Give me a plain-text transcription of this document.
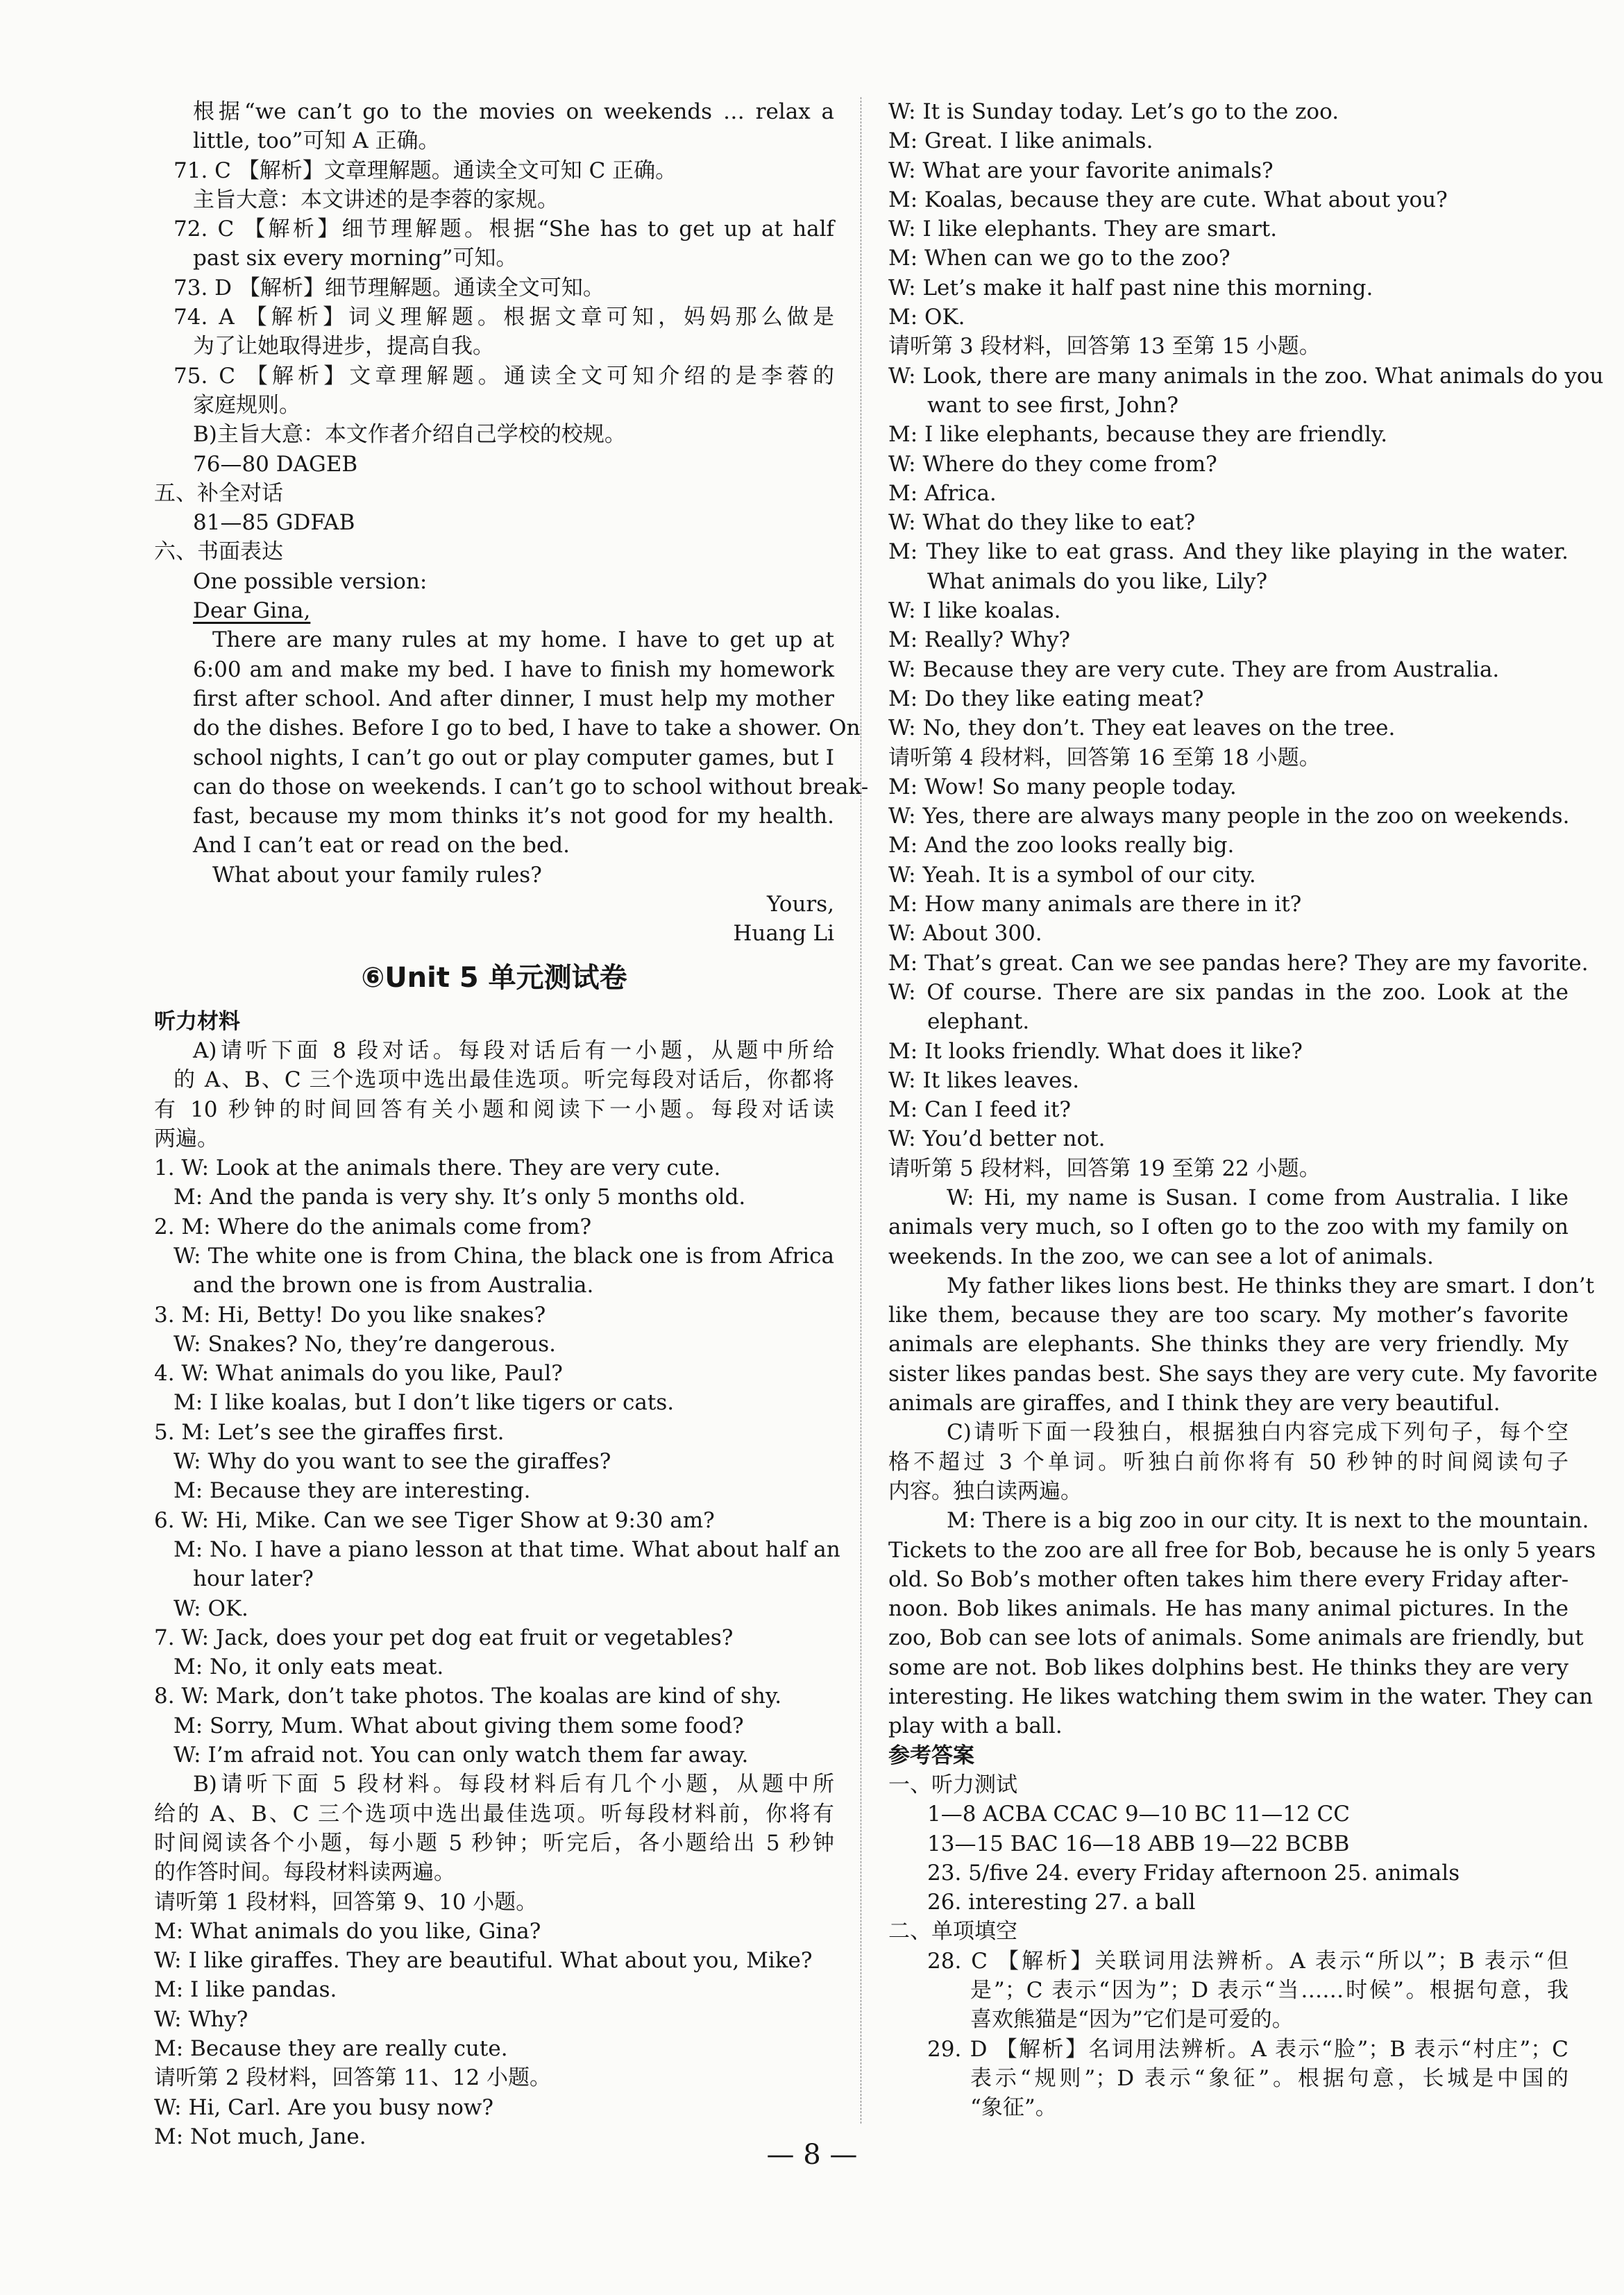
根据“we can’t go to the movies on weekends … relax a
little, too”可知 A 正确。
71. C 【解析】文章理解题。通读全文可知 C 正确。
主旨大意：本文讲述的是李蓉的家规。
72. C 【解析】细节理解题。根据“She has to get up at half
past six every morning”可知。
73. D 【解析】细节理解题。通读全文可知。
74. A 【解析】词义理解题。根据文章可知，妈妈那么做是
为了让她取得进步，提高自我。
75. C 【解析】文章理解题。通读全文可知介绍的是李蓉的
家庭规则。
B)主旨大意：本文作者介绍自己学校的校规。
76—80 DAGEB
五、补全对话
81—85 GDFAB
六、书面表达
One possible version:
Dear Gina,
There are many rules at my home. I have to get up at
6:00 am and make my bed. I have to finish my homework
first after school. And after dinner, I must help my mother
do the dishes. Before I go to bed, I have to take a shower. On
school nights, I can’t go out or play computer games, but I
can do those on weekends. I can’t go to school without break-
fast, because my mom thinks it’s not good for my health.
And I can’t eat or read on the bed.
What about your family rules?
Yours,
Huang Li
⑥Unit 5 单元测试卷
听力材料
A)请听下面 8 段对话。每段对话后有一小题，从题中所给
的 A、B、C 三个选项中选出最佳选项。听完每段对话后，你都将
有 10 秒钟的时间回答有关小题和阅读下一小题。每段对话读
两遍。
1. W: Look at the animals there. They are very cute.
M: And the panda is very shy. It’s only 5 months old.
2. M: Where do the animals come from?
W: The white one is from China, the black one is from Africa
and the brown one is from Australia.
3. M: Hi, Betty! Do you like snakes?
W: Snakes? No, they’re dangerous.
4. W: What animals do you like, Paul?
M: I like koalas, but I don’t like tigers or cats.
5. M: Let’s see the giraffes first.
W: Why do you want to see the giraffes?
M: Because they are interesting.
6. W: Hi, Mike. Can we see Tiger Show at 9:30 am?
M: No. I have a piano lesson at that time. What about half an
hour later?
W: OK.
7. W: Jack, does your pet dog eat fruit or vegetables?
M: No, it only eats meat.
8. W: Mark, don’t take photos. The koalas are kind of shy.
M: Sorry, Mum. What about giving them some food?
W: I’m afraid not. You can only watch them far away.
B)请听下面 5 段材料。每段材料后有几个小题，从题中所
给的 A、B、C 三个选项中选出最佳选项。听每段材料前，你将有
时间阅读各个小题，每小题 5 秒钟；听完后，各小题给出 5 秒钟
的作答时间。每段材料读两遍。
请听第 1 段材料，回答第 9、10 小题。
M: What animals do you like, Gina?
W: I like giraffes. They are beautiful. What about you, Mike?
M: I like pandas.
W: Why?
M: Because they are really cute.
请听第 2 段材料，回答第 11、12 小题。
W: Hi, Carl. Are you busy now?
M: Not much, Jane.
W: It is Sunday today. Let’s go to the zoo.
M: Great. I like animals.
W: What are your favorite animals?
M: Koalas, because they are cute. What about you?
W: I like elephants. They are smart.
M: When can we go to the zoo?
W: Let’s make it half past nine this morning.
M: OK.
请听第 3 段材料，回答第 13 至第 15 小题。
W: Look, there are many animals in the zoo. What animals do you
want to see first, John?
M: I like elephants, because they are friendly.
W: Where do they come from?
M: Africa.
W: What do they like to eat?
M: They like to eat grass. And they like playing in the water.
What animals do you like, Lily?
W: I like koalas.
M: Really? Why?
W: Because they are very cute. They are from Australia.
M: Do they like eating meat?
W: No, they don’t. They eat leaves on the tree.
请听第 4 段材料，回答第 16 至第 18 小题。
M: Wow! So many people today.
W: Yes, there are always many people in the zoo on weekends.
M: And the zoo looks really big.
W: Yeah. It is a symbol of our city.
M: How many animals are there in it?
W: About 300.
M: That’s great. Can we see pandas here? They are my favorite.
W: Of course. There are six pandas in the zoo. Look at the
elephant.
M: It looks friendly. What does it like?
W: It likes leaves.
M: Can I feed it?
W: You’d better not.
请听第 5 段材料，回答第 19 至第 22 小题。
W: Hi, my name is Susan. I come from Australia. I like
animals very much, so I often go to the zoo with my family on
weekends. In the zoo, we can see a lot of animals.
My father likes lions best. He thinks they are smart. I don’t
like them, because they are too scary. My mother’s favorite
animals are elephants. She thinks they are very friendly. My
sister likes pandas best. She says they are very cute. My favorite
animals are giraffes, and I think they are very beautiful.
C)请听下面一段独白，根据独白内容完成下列句子，每个空
格不超过 3 个单词。听独白前你将有 50 秒钟的时间阅读句子
内容。独白读两遍。
M: There is a big zoo in our city. It is next to the mountain.
Tickets to the zoo are all free for Bob, because he is only 5 years
old. So Bob’s mother often takes him there every Friday after-
noon. Bob likes animals. He has many animal pictures. In the
zoo, Bob can see lots of animals. Some animals are friendly, but
some are not. Bob likes dolphins best. He thinks they are very
interesting. He likes watching them swim in the water. They can
play with a ball.
参考答案
一、听力测试
1—8 ACBA CCAC 9—10 BC 11—12 CC
13—15 BAC 16—18 ABB 19—22 BCBB
23. 5/five 24. every Friday afternoon 25. animals
26. interesting 27. a ball
二、单项填空
28. C 【解析】关联词用法辨析。A 表示“所以”；B 表示“但
是”；C 表示“因为”；D 表示“当……时候”。根据句意，我
喜欢熊猫是“因为”它们是可爱的。
29. D 【解析】名词用法辨析。A 表示“脸”；B 表示“村庄”；C
表示“规则”；D 表示“象征”。根据句意，长城是中国的
“象征”。
— 8 —
